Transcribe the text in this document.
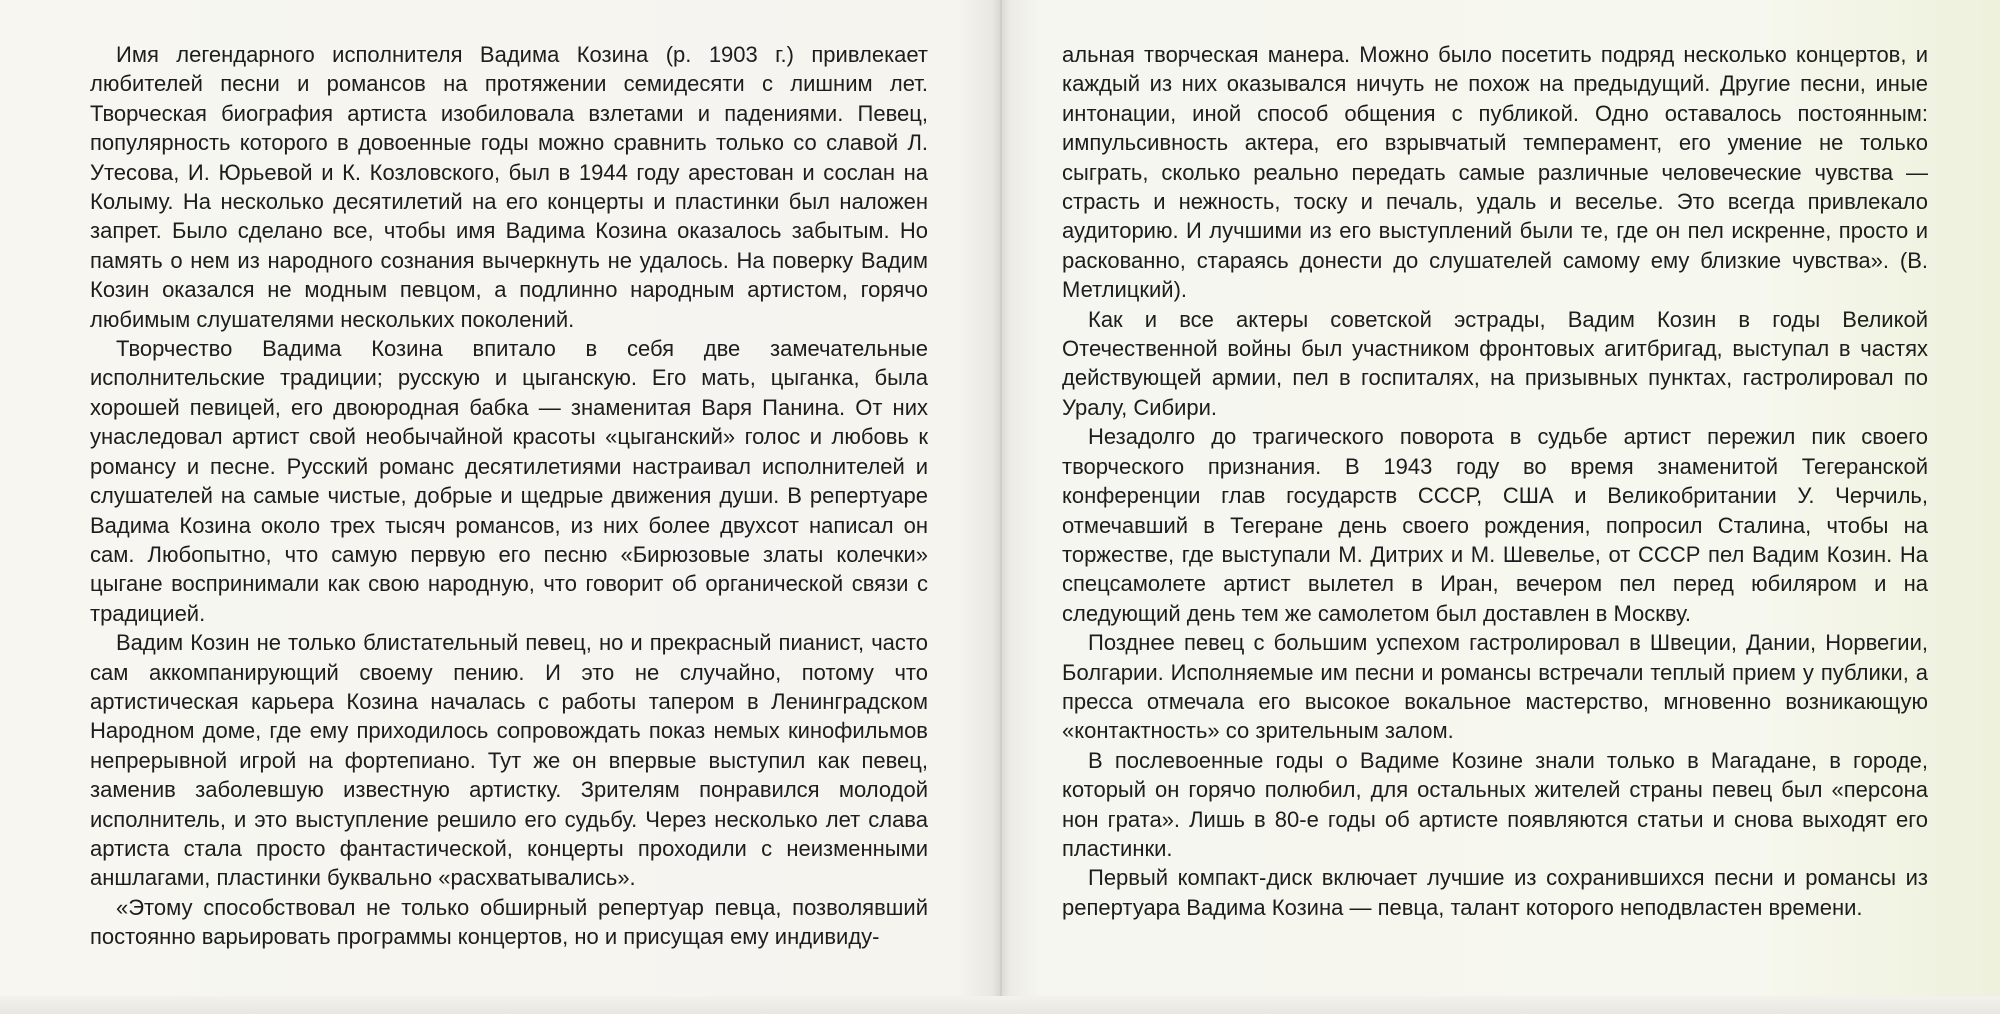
Имя легендарного исполнителя Вадима Козина (р. 1903 г.) привлекает любителей песни и романсов на протяжении семидесяти с лишним лет. Творческая биография артиста изобиловала взлетами и падениями. Певец, популярность которого в довоенные годы можно сравнить только со славой Л. Утесова, И. Юрьевой и К. Козловского, был в 1944 году арестован и сослан на Колыму. На несколько десятилетий на его концерты и пластинки был наложен запрет. Было сделано все, чтобы имя Вадима Козина оказалось забытым. Но память о нем из народного сознания вычеркнуть не удалось. На поверку Вадим Козин оказался не модным певцом, а подлинно народным артистом, горячо любимым слушателями нескольких поколений.

Творчество Вадима Козина впитало в себя две замечательные исполнительские традиции; русскую и цыганскую. Его мать, цыганка, была хорошей певицей, его двоюродная бабка — знаменитая Варя Панина. От них унаследовал артист свой необычайной красоты «цыганский» голос и любовь к романсу и песне. Русский романс десятилетиями настраивал исполнителей и слушателей на самые чистые, добрые и щедрые движения души. В репертуаре Вадима Козина около трех тысяч романсов, из них более двухсот написал он сам. Любопытно, что самую первую его песню «Бирюзовые златы колечки» цыгане воспринимали как свою народную, что говорит об органической связи с традицией.

Вадим Козин не только блистательный певец, но и прекрасный пианист, часто сам аккомпанирующий своему пению. И это не случайно, потому что артистическая карьера Козина началась с работы тапером в Ленинградском Народном доме, где ему приходилось сопровождать показ немых кинофильмов непрерывной игрой на фортепиано. Тут же он впервые выступил как певец, заменив заболевшую известную артистку. Зрителям понравился молодой исполнитель, и это выступление решило его судьбу. Через несколько лет слава артиста стала просто фантастической, концерты проходили с неизменными аншлагами, пластинки буквально «расхватывались».

«Этому способствовал не только обширный репертуар певца, позволявший постоянно варьировать программы концертов, но и присущая ему индивиду-

альная творческая манера. Можно было посетить подряд несколько концертов, и каждый из них оказывался ничуть не похож на предыдущий. Другие песни, иные интонации, иной способ общения с публикой. Одно оставалось постоянным: импульсивность актера, его взрывчатый темперамент, его умение не только сыграть, сколько реально передать самые различные человеческие чувства — страсть и нежность, тоску и печаль, удаль и веселье. Это всегда привлекало аудиторию. И лучшими из его выступлений были те, где он пел искренне, просто и раскованно, стараясь донести до слушателей самому ему близкие чувства». (В. Метлицкий).

Как и все актеры советской эстрады, Вадим Козин в годы Великой Отечественной войны был участником фронтовых агитбригад, выступал в частях действующей армии, пел в госпиталях, на призывных пунктах, гастролировал по Уралу, Сибири.

Незадолго до трагического поворота в судьбе артист пережил пик своего творческого признания. В 1943 году во время знаменитой Тегеранской конференции глав государств СССР, США и Великобритании У. Черчиль, отмечавший в Тегеране день своего рождения, попросил Сталина, чтобы на торжестве, где выступали М. Дитрих и М. Шевелье, от СССР пел Вадим Козин. На спецсамолете артист вылетел в Иран, вечером пел перед юбиляром и на следующий день тем же самолетом был доставлен в Москву.

Позднее певец с большим успехом гастролировал в Швеции, Дании, Норвегии, Болгарии. Исполняемые им песни и романсы встречали теплый прием у публики, а пресса отмечала его высокое вокальное мастерство, мгновенно возникающую «контактность» со зрительным залом.

В послевоенные годы о Вадиме Козине знали только в Магадане, в городе, который он горячо полюбил, для остальных жителей страны певец был «персона нон грата». Лишь в 80-е годы об артисте появляются статьи и снова выходят его пластинки.

Первый компакт-диск включает лучшие из сохранившихся песни и романсы из репертуара Вадима Козина — певца, талант которого неподвластен времени.
